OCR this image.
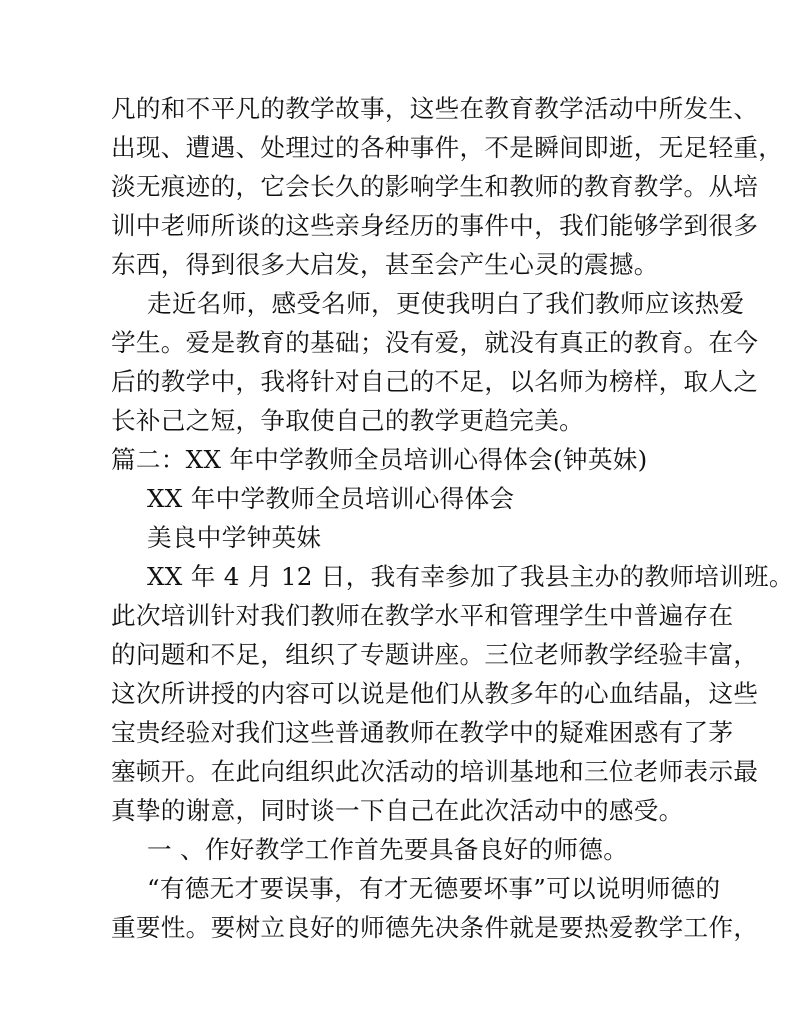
凡的和不平凡的教学故事，这些在教育教学活动中所发生、
出现、遭遇、处理过的各种事件，不是瞬间即逝，无足轻重，
淡无痕迹的，它会长久的影响学生和教师的教育教学。从培
训中老师所谈的这些亲身经历的事件中，我们能够学到很多
东西，得到很多大启发，甚至会产生心灵的震撼。
走近名师，感受名师，更使我明白了我们教师应该热爱
学生。爱是教育的基础；没有爱，就没有真正的教育。在今
后的教学中，我将针对自己的不足，以名师为榜样，取人之
长补己之短，争取使自己的教学更趋完美。
篇二：XX 年中学教师全员培训心得体会(钟英妹)
XX 年中学教师全员培训心得体会
美良中学钟英妹
XX 年 4 月 12 日，我有幸参加了我县主办的教师培训班。
此次培训针对我们教师在教学水平和管理学生中普遍存在
的问题和不足，组织了专题讲座。三位老师教学经验丰富，
这次所讲授的内容可以说是他们从教多年的心血结晶，这些
宝贵经验对我们这些普通教师在教学中的疑难困惑有了茅
塞顿开。在此向组织此次活动的培训基地和三位老师表示最
真挚的谢意，同时谈一下自己在此次活动中的感受。
一 、作好教学工作首先要具备良好的师德。
“有德无才要误事，有才无德要坏事”可以说明师德的
重要性。要树立良好的师德先决条件就是要热爱教学工作，
